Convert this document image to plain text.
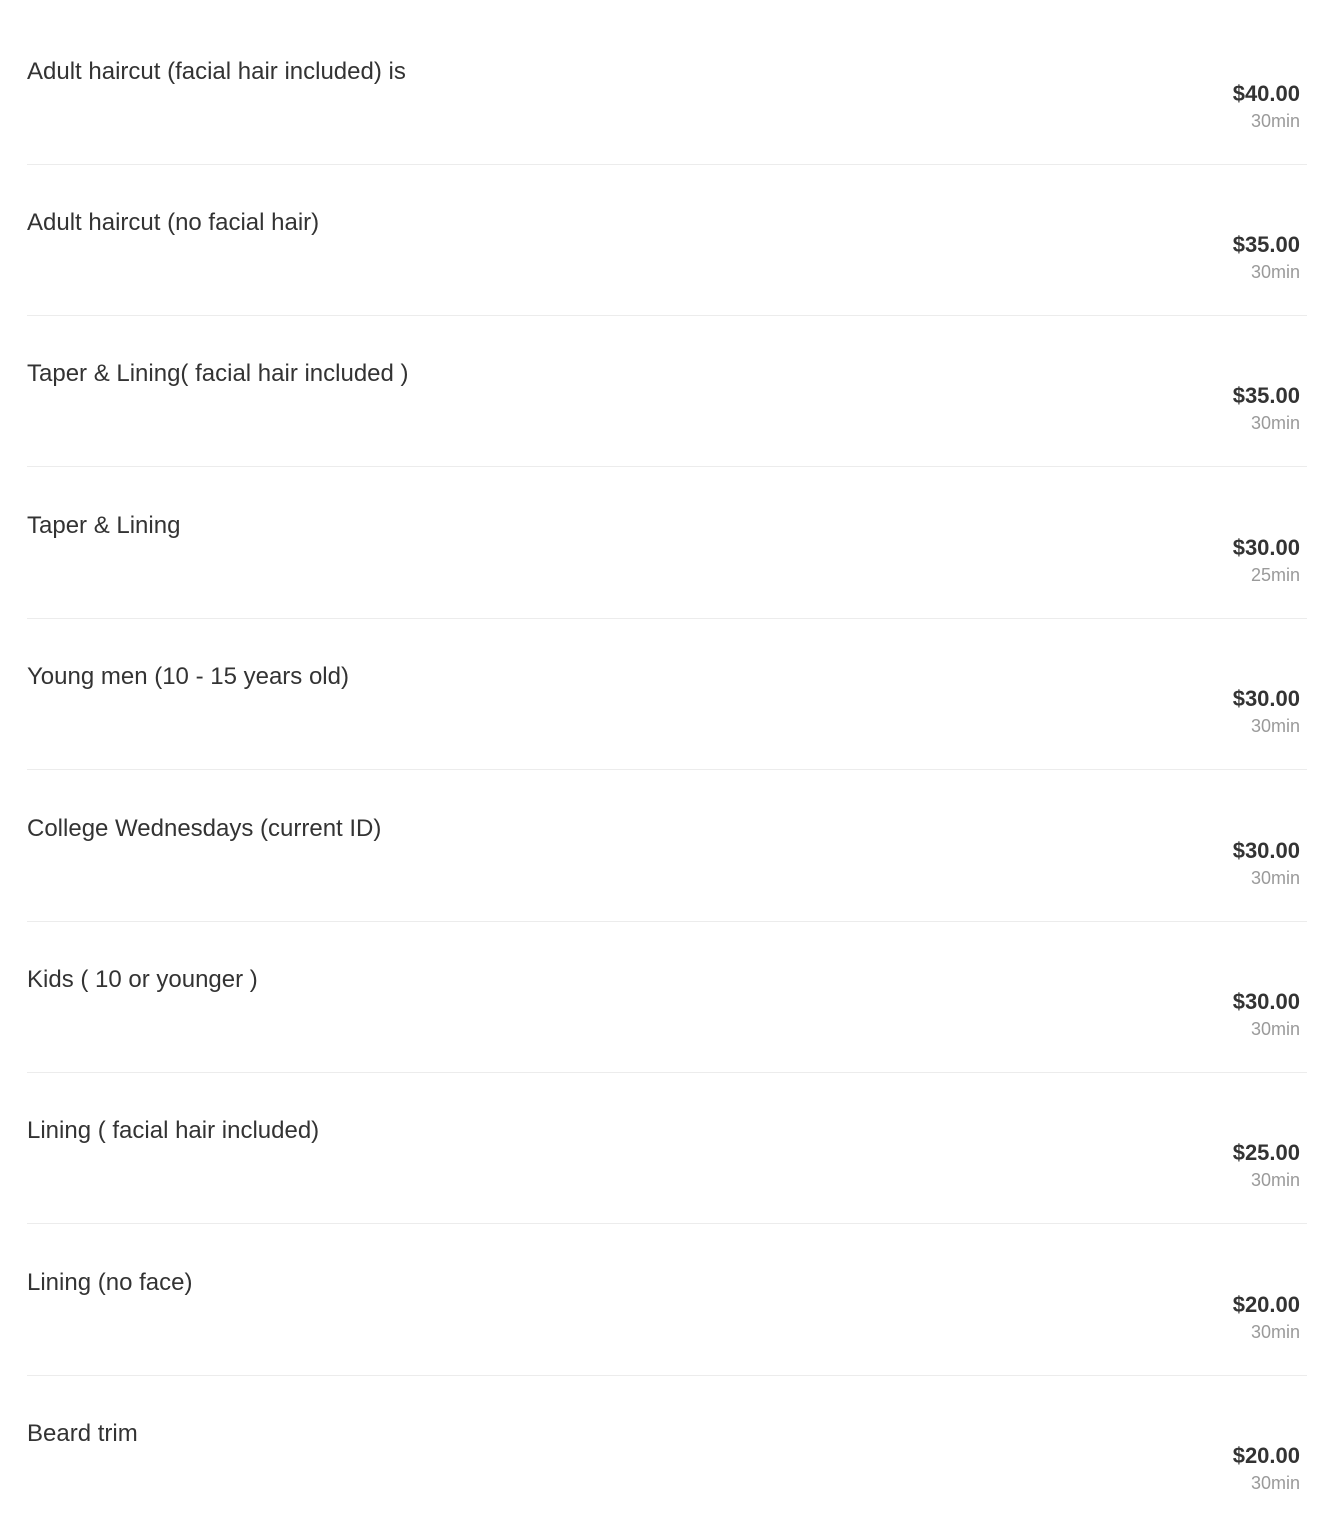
Adult haircut (facial hair included) is
$40.00
30min
Adult haircut (no facial hair)
$35.00
30min
Taper & Lining( facial hair included )
$35.00
30min
Taper & Lining
$30.00
25min
Young men (10 - 15 years old)
$30.00
30min
College Wednesdays (current ID)
$30.00
30min
Kids ( 10 or younger )
$30.00
30min
Lining ( facial hair included)
$25.00
30min
Lining (no face)
$20.00
30min
Beard trim
$20.00
30min
